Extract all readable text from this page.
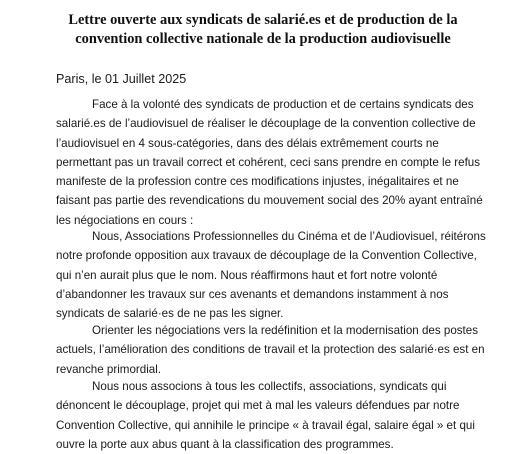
Lettre ouverte aux syndicats de salarié.es et de production de la
convention collective nationale de la production audiovisuelle

Paris, le 01 Juillet 2025

Face à la volonté des syndicats de production et de certains syndicats des
salarié.es de l’audiovisuel de réaliser le découplage de la convention collective de
l’audiovisuel en 4 sous-catégories, dans des délais extrêmement courts ne
permettant pas un travail correct et cohérent, ceci sans prendre en compte le refus
manifeste de la profession contre ces modifications injustes, inégalitaires et ne
faisant pas partie des revendications du mouvement social des 20% ayant entraîné
les négociations en cours :

Nous, Associations Professionnelles du Cinéma et de l’Audiovisuel, réitérons
notre profonde opposition aux travaux de découplage de la Convention Collective,
qui n’en aurait plus que le nom. Nous réaffirmons haut et fort notre volonté
d’abandonner les travaux sur ces avenants et demandons instamment à nos
syndicats de salarié·es de ne pas les signer.

Orienter les négociations vers la redéfinition et la modernisation des postes
actuels, l’amélioration des conditions de travail et la protection des salarié·es est en
revanche primordial.

Nous nous associons à tous les collectifs, associations, syndicats qui
dénoncent le découplage, projet qui met à mal les valeurs défendues par notre
Convention Collective, qui annihile le principe « à travail égal, salaire égal » et qui
ouvre la porte aux abus quant à la classification des programmes.
